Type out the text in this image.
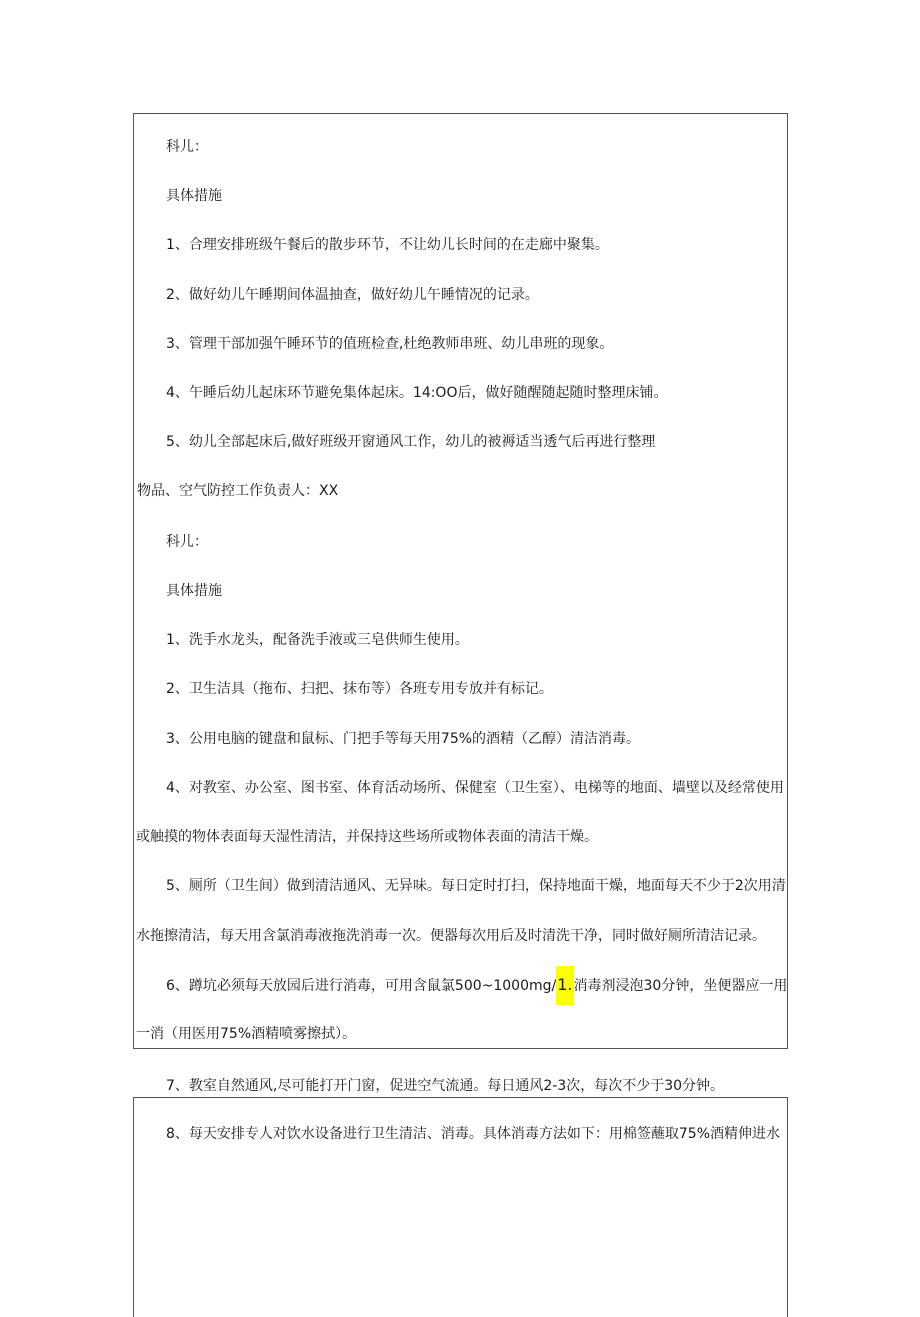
科儿：
具体措施
1、合理安排班级午餐后的散步环节，不让幼儿长时间的在走廊中聚集。
2、做好幼儿午睡期间体温抽查，做好幼儿午睡情况的记录。
3、管理干部加强午睡环节的值班检查,杜绝教师串班、幼儿串班的现象。
4、午睡后幼儿起床环节避免集体起床。14:OO后，做好随醒随起随时整理床铺。
5、幼儿全部起床后,做好班级开窗通风工作，幼儿的被褥适当透气后再进行整理
物品、空气防控工作负责人：XX
科儿：
具体措施
1、洗手水龙头，配备洗手液或三皂供师生使用。
2、卫生洁具（拖布、扫把、抹布等）各班专用专放并有标记。
3、公用电脑的键盘和鼠标、门把手等每天用75%的酒精（乙醇）清洁消毒。
4、对教室、办公室、图书室、体育活动场所、保健室（卫生室）、电梯等的地面、墙壁以及经常使用
或触摸的物体表面每天湿性清洁，并保持这些场所或物体表面的清洁干燥。
5、厕所（卫生间）做到清洁通风、无异味。每日定时打扫，保持地面干燥，地面每天不少于2次用清
水拖擦清洁，每天用含氯消毒液拖洗消毒一次。便器每次用后及时清洗干净，同时做好厕所清洁记录。
6、蹲坑必须每天放园后进行消毒，可用含鼠氯500~1000mg/1.消毒剂浸泡30分钟，坐便器应一用
一消（用医用75%酒精喷雾擦拭）。
7、教室自然通风,尽可能打开门窗，促进空气流通。每日通风2-3次，每次不少于30分钟。
8、每天安排专人对饮水设备进行卫生清洁、消毒。具体消毒方法如下：用棉签蘸取75%酒精伸进水
